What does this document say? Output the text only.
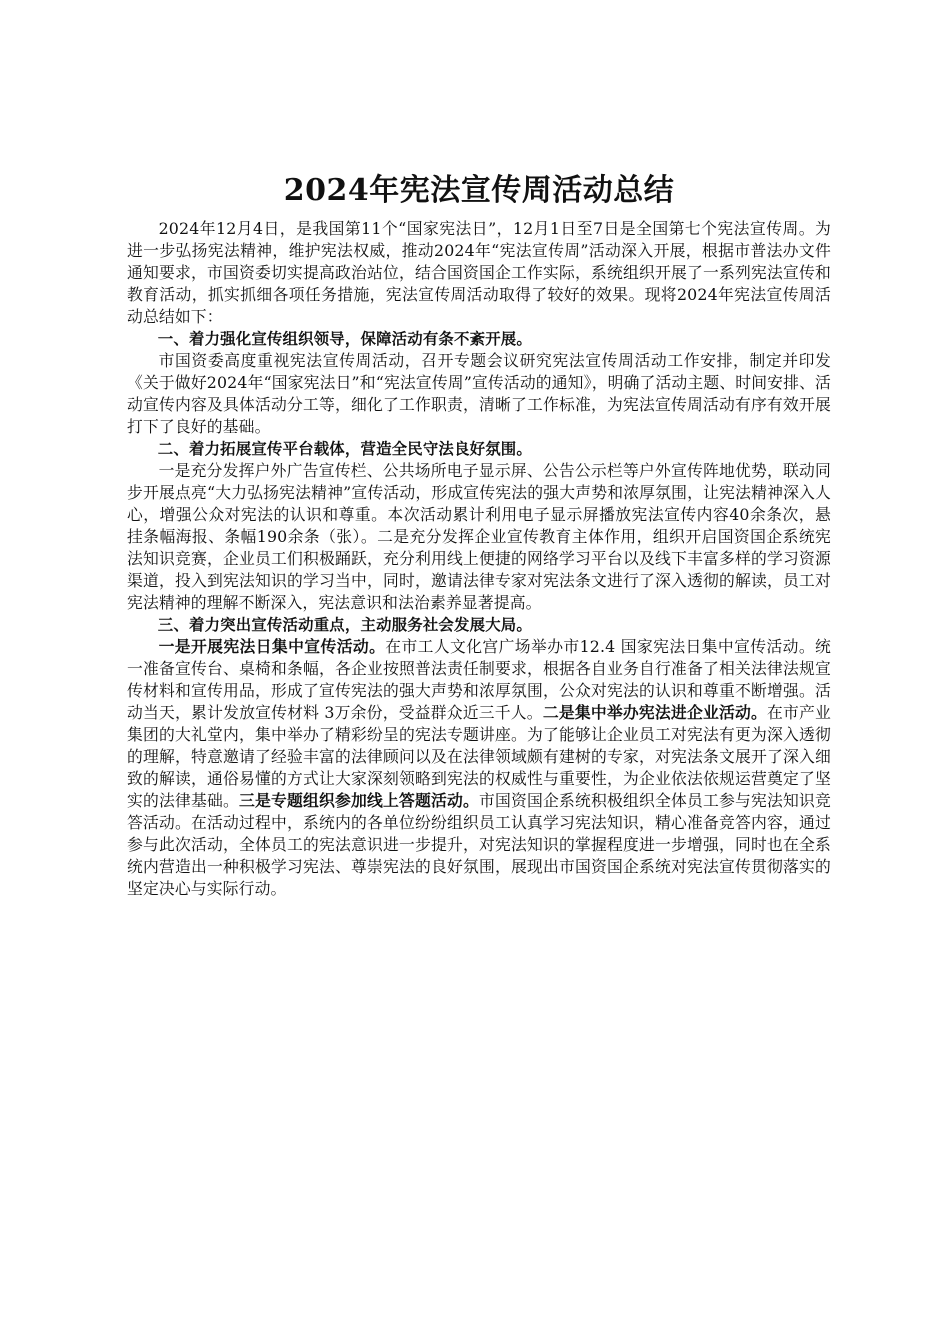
2024年宪法宣传周活动总结

2024年12月4日，是我国第11个“国家宪法日”，12月1日至7日是全国第七个宪法宣传周。为进一步弘扬宪法精神，维护宪法权威，推动2024年“宪法宣传周”活动深入开展，根据市普法办文件通知要求，市国资委切实提高政治站位，结合国资国企工作实际，系统组织开展了一系列宪法宣传和教育活动，抓实抓细各项任务措施，宪法宣传周活动取得了较好的效果。现将2024年宪法宣传周活动总结如下：

一、着力强化宣传组织领导，保障活动有条不紊开展。

市国资委高度重视宪法宣传周活动，召开专题会议研究宪法宣传周活动工作安排，制定并印发《关于做好2024年“国家宪法日”和“宪法宣传周”宣传活动的通知》，明确了活动主题、时间安排、活动宣传内容及具体活动分工等，细化了工作职责，清晰了工作标准，为宪法宣传周活动有序有效开展打下了良好的基础。

二、着力拓展宣传平台载体，营造全民守法良好氛围。

一是充分发挥户外广告宣传栏、公共场所电子显示屏、公告公示栏等户外宣传阵地优势，联动同步开展点亮“大力弘扬宪法精神”宣传活动，形成宣传宪法的强大声势和浓厚氛围，让宪法精神深入人心，增强公众对宪法的认识和尊重。本次活动累计利用电子显示屏播放宪法宣传内容40余条次，悬挂条幅海报、条幅190余条（张）。二是充分发挥企业宣传教育主体作用，组织开启国资国企系统宪法知识竞赛，企业员工们积极踊跃，充分利用线上便捷的网络学习平台以及线下丰富多样的学习资源渠道，投入到宪法知识的学习当中，同时，邀请法律专家对宪法条文进行了深入透彻的解读，员工对宪法精神的理解不断深入，宪法意识和法治素养显著提高。

三、着力突出宣传活动重点，主动服务社会发展大局。

一是开展宪法日集中宣传活动。在市工人文化宫广场举办市12.4 国家宪法日集中宣传活动。统一准备宣传台、桌椅和条幅，各企业按照普法责任制要求，根据各自业务自行准备了相关法律法规宣传材料和宣传用品，形成了宣传宪法的强大声势和浓厚氛围，公众对宪法的认识和尊重不断增强。活动当天，累计发放宣传材料 3万余份，受益群众近三千人。二是集中举办宪法进企业活动。在市产业集团的大礼堂内，集中举办了精彩纷呈的宪法专题讲座。为了能够让企业员工对宪法有更为深入透彻的理解，特意邀请了经验丰富的法律顾问以及在法律领域颇有建树的专家，对宪法条文展开了深入细致的解读，通俗易懂的方式让大家深刻领略到宪法的权威性与重要性，为企业依法依规运营奠定了坚实的法律基础。三是专题组织参加线上答题活动。市国资国企系统积极组织全体员工参与宪法知识竞答活动。在活动过程中，系统内的各单位纷纷组织员工认真学习宪法知识，精心准备竞答内容，通过参与此次活动，全体员工的宪法意识进一步提升，对宪法知识的掌握程度进一步增强，同时也在全系统内营造出一种积极学习宪法、尊崇宪法的良好氛围，展现出市国资国企系统对宪法宣传贯彻落实的坚定决心与实际行动。
